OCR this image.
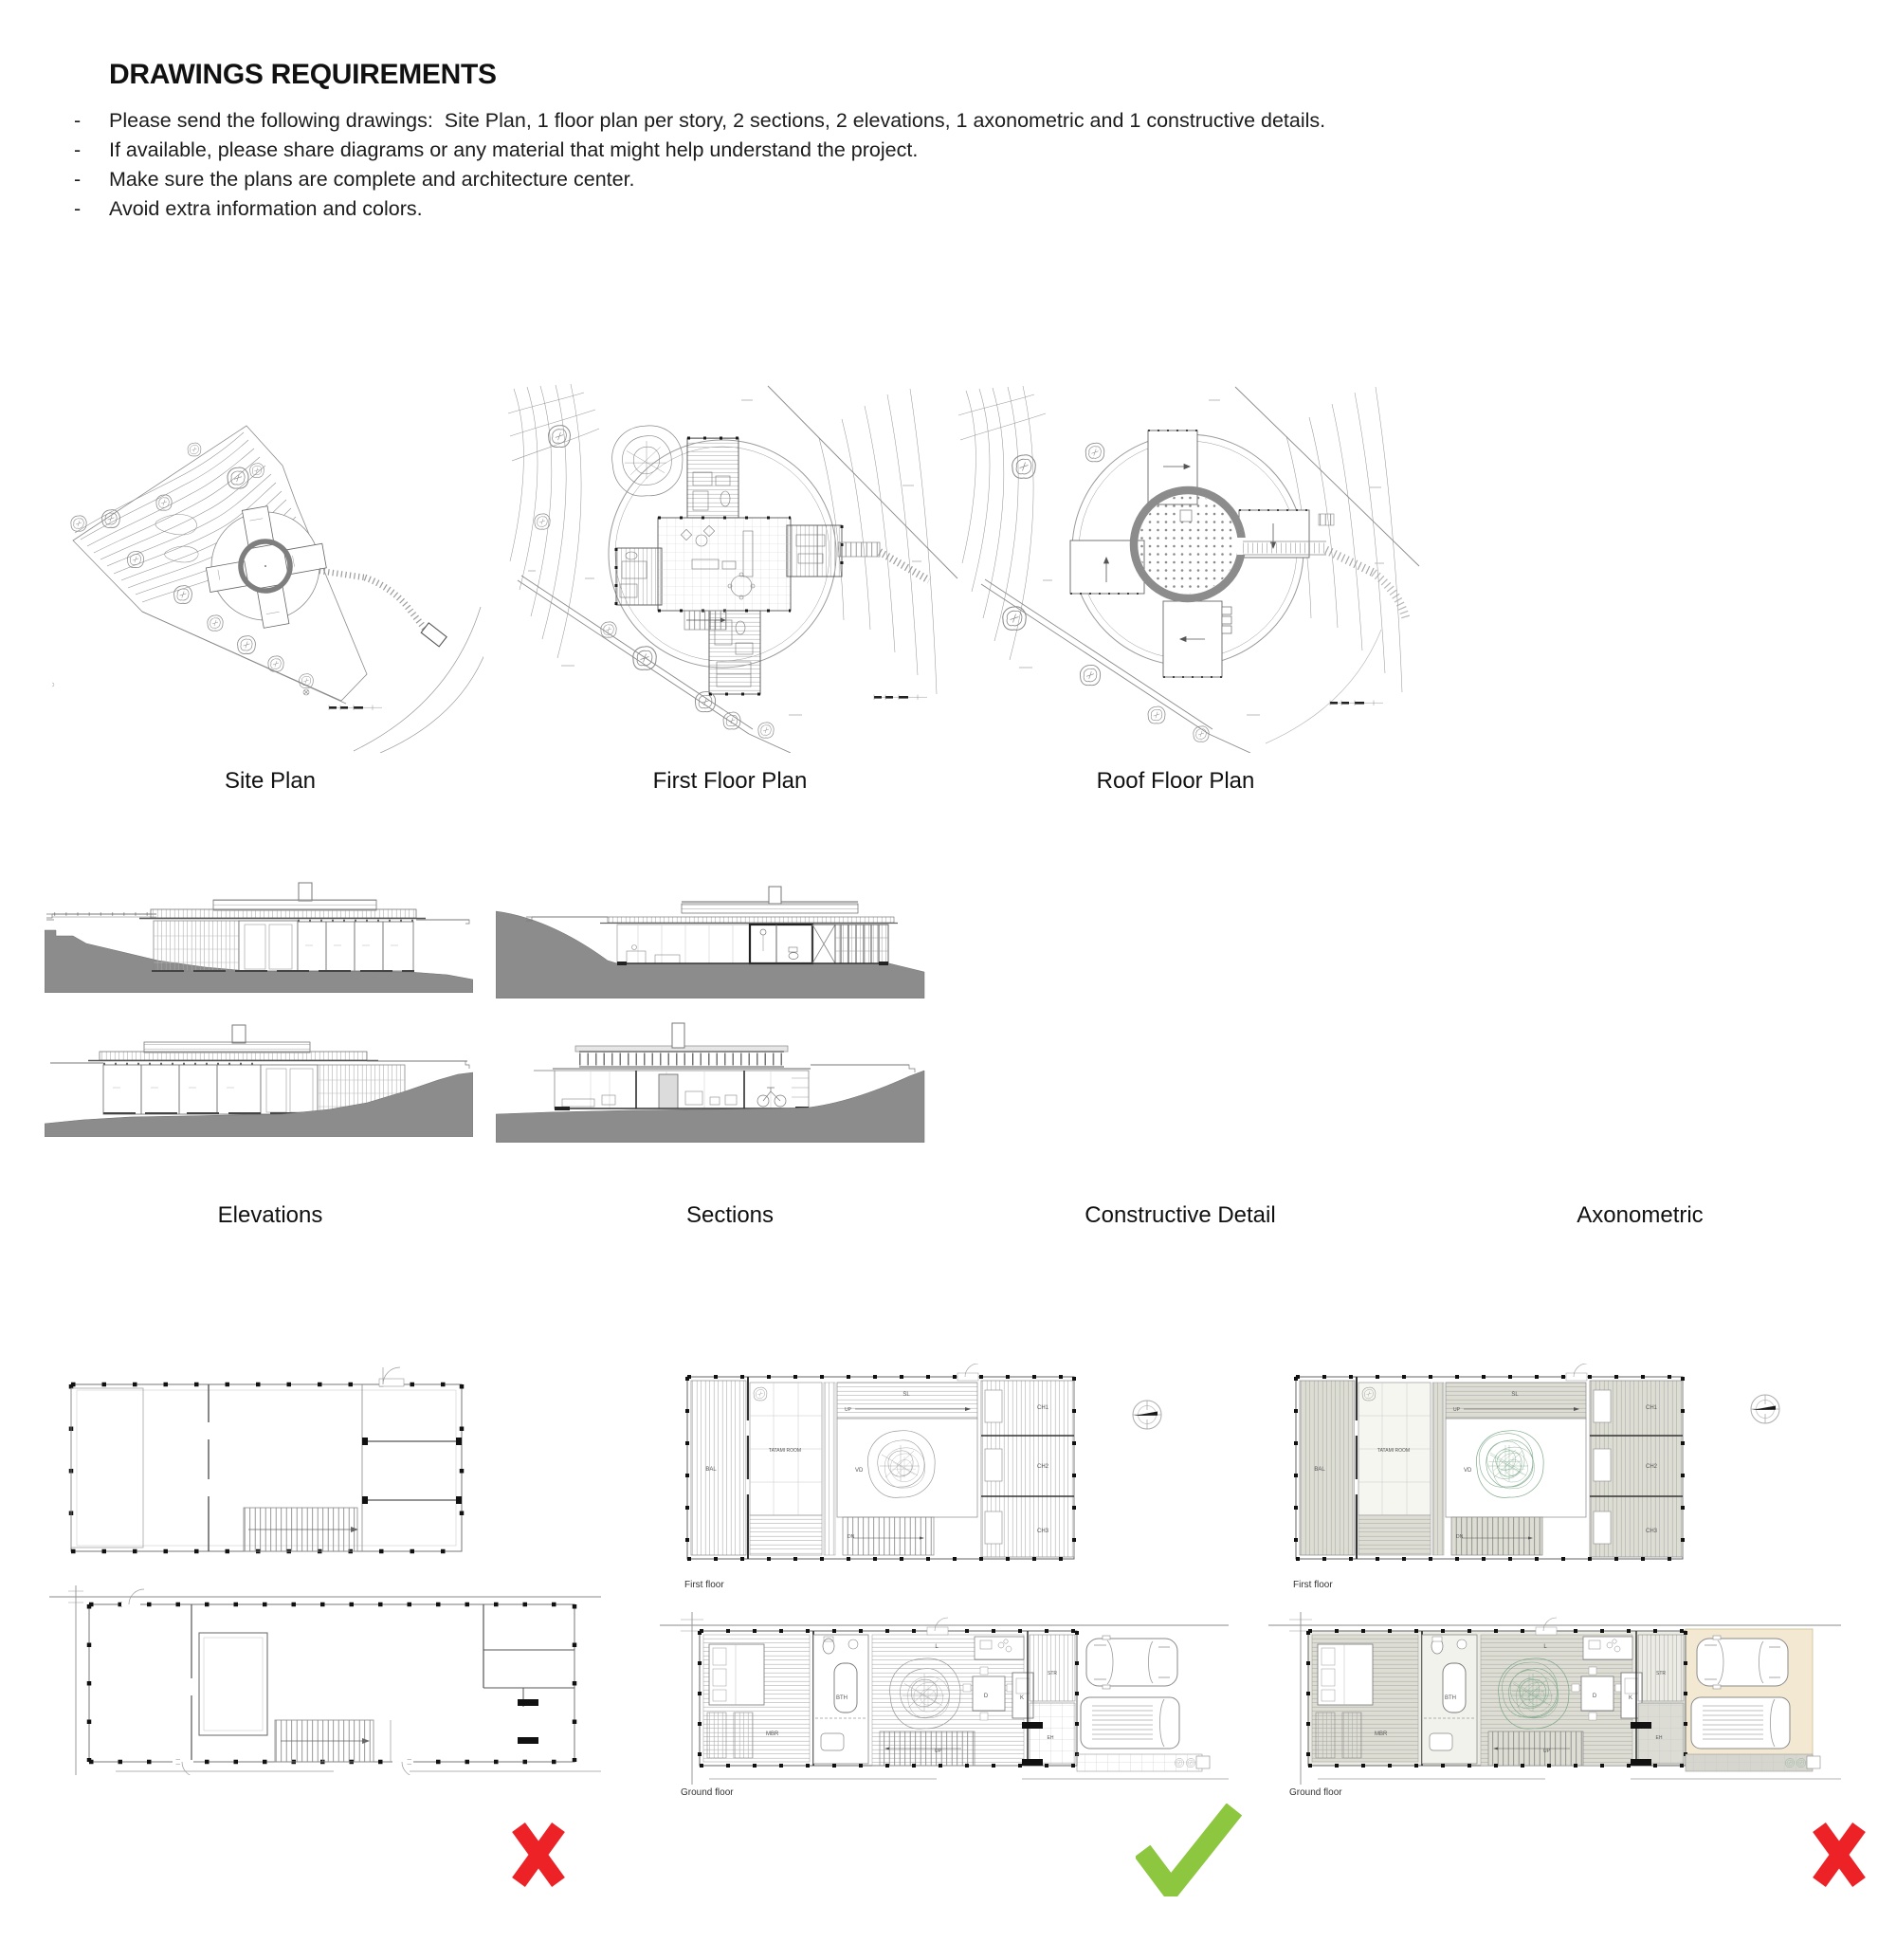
DRAWINGS REQUIREMENTS
-	Please send the following drawings:  Site Plan, 1 floor plan per story, 2 sections, 2 elevations, 1 axonometric and 1 constructive details.
-	If available, please share diagrams or any material that might help understand the project.
-	Make sure the plans are complete and architecture center.
-	Avoid extra information and colors.
Site Plan	First Floor Plan	Roof Floor Plan
Elevations	Sections	Constructive Detail	Axonometric
BAL
TATAMI ROOM
UP
SL
VD
DN
CH1
CH2
CH3
First floor
MBR
BTH
L
D	K
STR
EH
UP
Ground floor
BAL
TATAMI ROOM
UP
SL
VD
DN
CH1
CH2
CH3
First floor
MBR
BTH
L
D	K
STR
EH
UP
Ground floor
